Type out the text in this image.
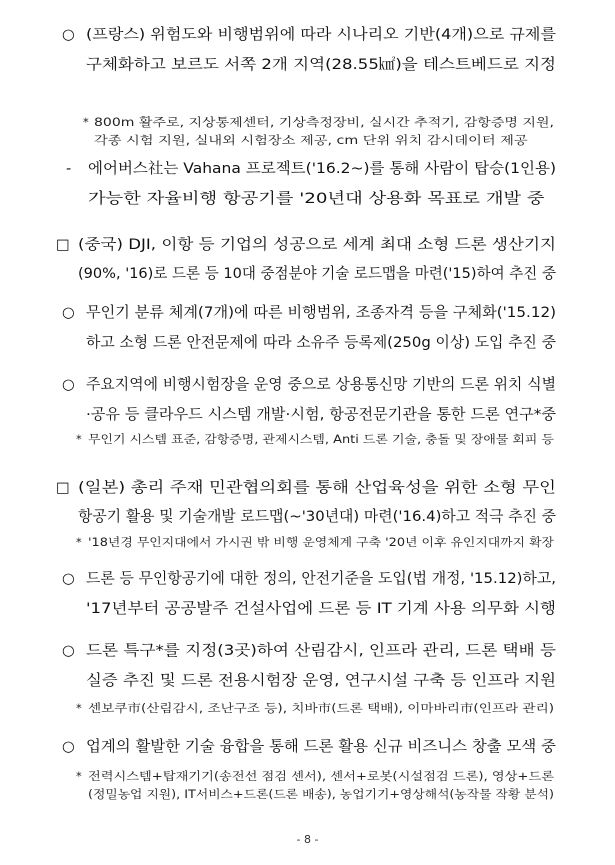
○ (프랑스) 위험도와 비행범위에 따라 시나리오 기반(4개)으로 규제를
구체화하고 보르도 서쪽 2개 지역(28.55㎢)을 테스트베드로 지정
* 800m 활주로, 지상통제센터, 기상측정장비, 실시간 추적기, 감항증명 지원,
각종 시험 지원, 실내외 시험장소 제공, cm 단위 위치 감시데이터 제공
- 에어버스社는 Vahana 프로젝트('16.2~)를 통해 사람이 탑승(1인용)
가능한 자율비행 항공기를 '20년대 상용화 목표로 개발 중
□ (중국) DJI, 이항 등 기업의 성공으로 세계 최대 소형 드론 생산기지
(90%, '16)로 드론 등 10대 중점분야 기술 로드맵을 마련('15)하여 추진 중
○ 무인기 분류 체계(7개)에 따른 비행범위, 조종자격 등을 구체화('15.12)
하고 소형 드론 안전문제에 따라 소유주 등록제(250g 이상) 도입 추진 중
○ 주요지역에 비행시험장을 운영 중으로 상용통신망 기반의 드론 위치 식별
·공유 등 클라우드 시스템 개발·시험, 항공전문기관을 통한 드론 연구*중
* 무인기 시스템 표준, 감항증명, 관제시스템, Anti 드론 기술, 충돌 및 장애물 회피 등
□ (일본) 총리 주재 민관협의회를 통해 산업육성을 위한 소형 무인
항공기 활용 및 기술개발 로드맵(~'30년대) 마련('16.4)하고 적극 추진 중
* '18년경 무인지대에서 가시권 밖 비행 운영체계 구축 '20년 이후 유인지대까지 확장
○ 드론 등 무인항공기에 대한 정의, 안전기준을 도입(법 개정, '15.12)하고,
'17년부터 공공발주 건설사업에 드론 등 IT 기계 사용 의무화 시행
○ 드론 특구*를 지정(3곳)하여 산림감시, 인프라 관리, 드론 택배 등
실증 추진 및 드론 전용시험장 운영, 연구시설 구축 등 인프라 지원
* 센보쿠市(산림감시, 조난구조 등), 치바市(드론 택배), 이마바리市(인프라 관리)
○ 업계의 활발한 기술 융합을 통해 드론 활용 신규 비즈니스 창출 모색 중
* 전력시스템+탑재기기(송전선 점검 센서), 센서+로봇(시설점검 드론), 영상+드론
(정밀농업 지원), IT서비스+드론(드론 배송), 농업기기+영상해석(농작물 작황 분석)
- 8 -
